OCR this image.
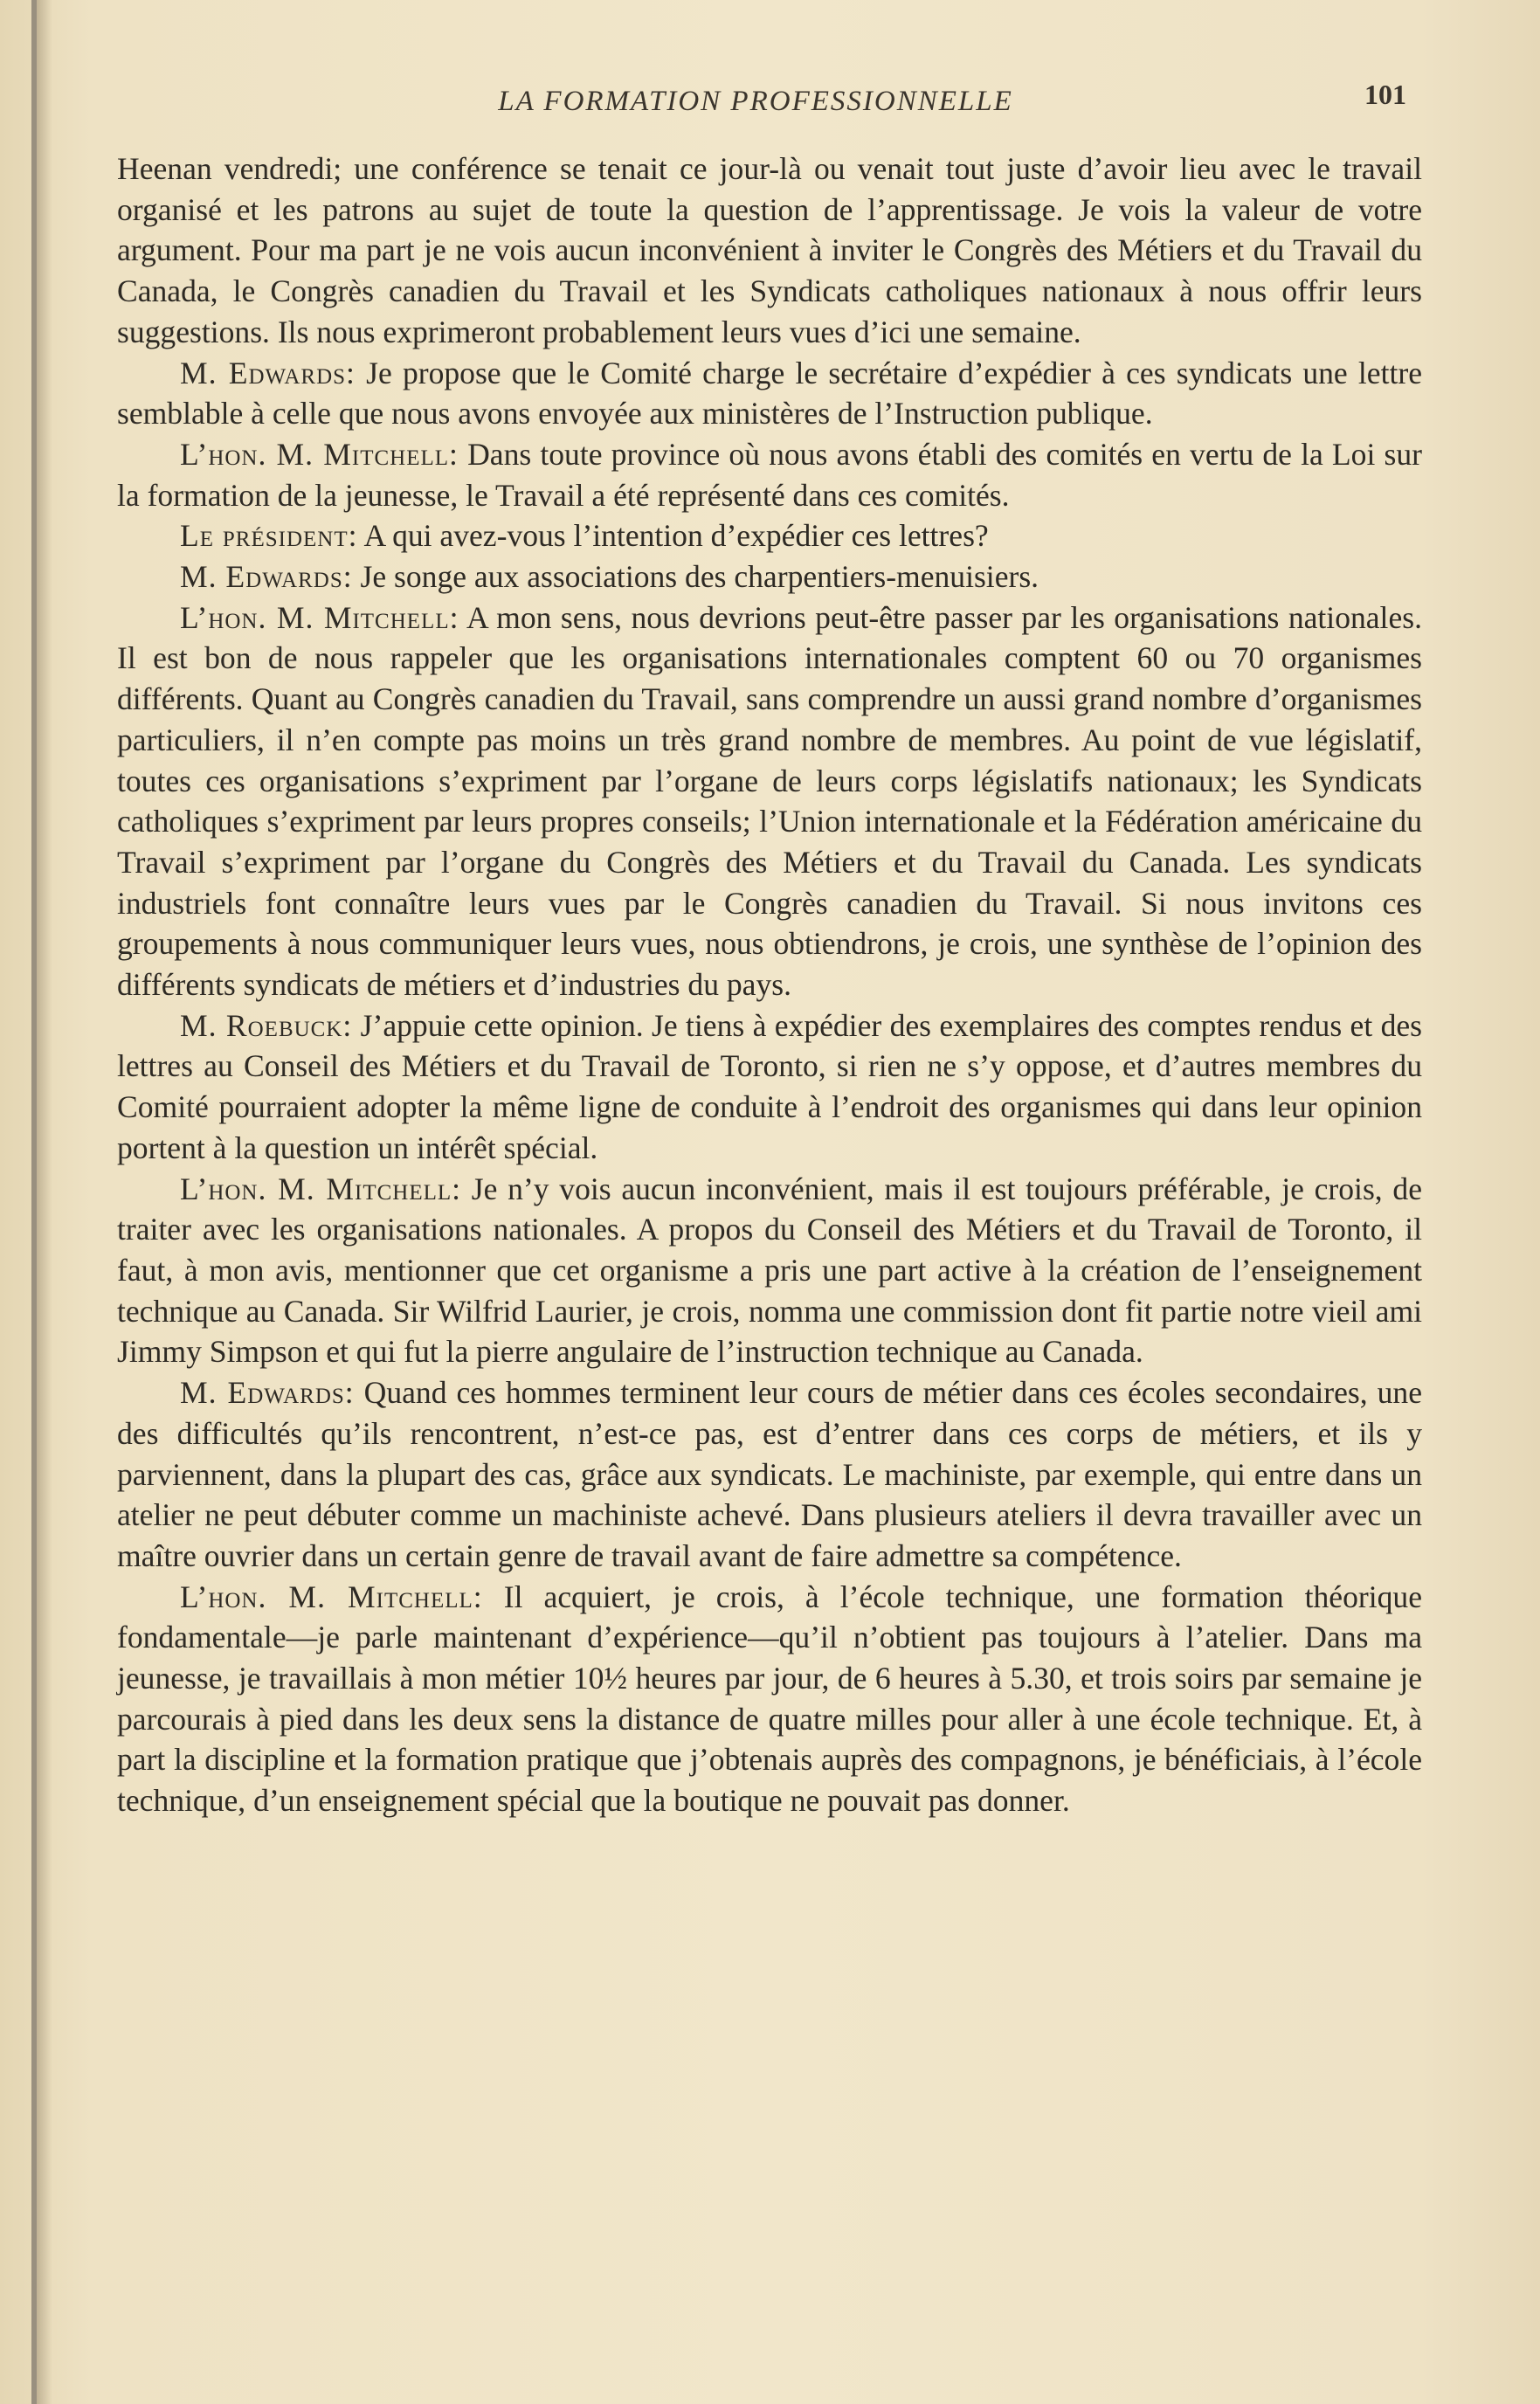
LA FORMATION PROFESSIONNELLE	101

Heenan vendredi; une conférence se tenait ce jour-là ou venait tout juste d’avoir lieu avec le travail organisé et les patrons au sujet de toute la question de l’apprentissage. Je vois la valeur de votre argument. Pour ma part je ne vois aucun inconvénient à inviter le Congrès des Métiers et du Travail du Canada, le Congrès canadien du Travail et les Syndicats catholiques nationaux à nous offrir leurs suggestions. Ils nous exprimeront probablement leurs vues d’ici une semaine.

M. Edwards: Je propose que le Comité charge le secrétaire d’expédier à ces syndicats une lettre semblable à celle que nous avons envoyée aux ministères de l’Instruction publique.

L’hon. M. Mitchell: Dans toute province où nous avons établi des comités en vertu de la Loi sur la formation de la jeunesse, le Travail a été représenté dans ces comités.

Le président: A qui avez-vous l’intention d’expédier ces lettres?

M. Edwards: Je songe aux associations des charpentiers-menuisiers.

L’hon. M. Mitchell: A mon sens, nous devrions peut-être passer par les organisations nationales. Il est bon de nous rappeler que les organisations internationales comptent 60 ou 70 organismes différents. Quant au Congrès canadien du Travail, sans comprendre un aussi grand nombre d’organismes particuliers, il n’en compte pas moins un très grand nombre de membres. Au point de vue législatif, toutes ces organisations s’expriment par l’organe de leurs corps législatifs nationaux; les Syndicats catholiques s’expriment par leurs propres conseils; l’Union internationale et la Fédération américaine du Travail s’expriment par l’organe du Congrès des Métiers et du Travail du Canada. Les syndicats industriels font connaître leurs vues par le Congrès canadien du Travail. Si nous invitons ces groupements à nous communiquer leurs vues, nous obtiendrons, je crois, une synthèse de l’opinion des différents syndicats de métiers et d’industries du pays.

M. Roebuck: J’appuie cette opinion. Je tiens à expédier des exemplaires des comptes rendus et des lettres au Conseil des Métiers et du Travail de Toronto, si rien ne s’y oppose, et d’autres membres du Comité pourraient adopter la même ligne de conduite à l’endroit des organismes qui dans leur opinion portent à la question un intérêt spécial.

L’hon. M. Mitchell: Je n’y vois aucun inconvénient, mais il est toujours préférable, je crois, de traiter avec les organisations nationales. A propos du Conseil des Métiers et du Travail de Toronto, il faut, à mon avis, mentionner que cet organisme a pris une part active à la création de l’enseignement technique au Canada. Sir Wilfrid Laurier, je crois, nomma une commission dont fit partie notre vieil ami Jimmy Simpson et qui fut la pierre angulaire de l’instruction technique au Canada.

M. Edwards: Quand ces hommes terminent leur cours de métier dans ces écoles secondaires, une des difficultés qu’ils rencontrent, n’est-ce pas, est d’entrer dans ces corps de métiers, et ils y parviennent, dans la plupart des cas, grâce aux syndicats. Le machiniste, par exemple, qui entre dans un atelier ne peut débuter comme un machiniste achevé. Dans plusieurs ateliers il devra travailler avec un maître ouvrier dans un certain genre de travail avant de faire admettre sa compétence.

L’hon. M. Mitchell: Il acquiert, je crois, à l’école technique, une formation théorique fondamentale—je parle maintenant d’expérience—qu’il n’obtient pas toujours à l’atelier. Dans ma jeunesse, je travaillais à mon métier 10½ heures par jour, de 6 heures à 5.30, et trois soirs par semaine je parcourais à pied dans les deux sens la distance de quatre milles pour aller à une école technique. Et, à part la discipline et la formation pratique que j’obtenais auprès des compagnons, je bénéficiais, à l’école technique, d’un enseignement spécial que la boutique ne pouvait pas donner.
